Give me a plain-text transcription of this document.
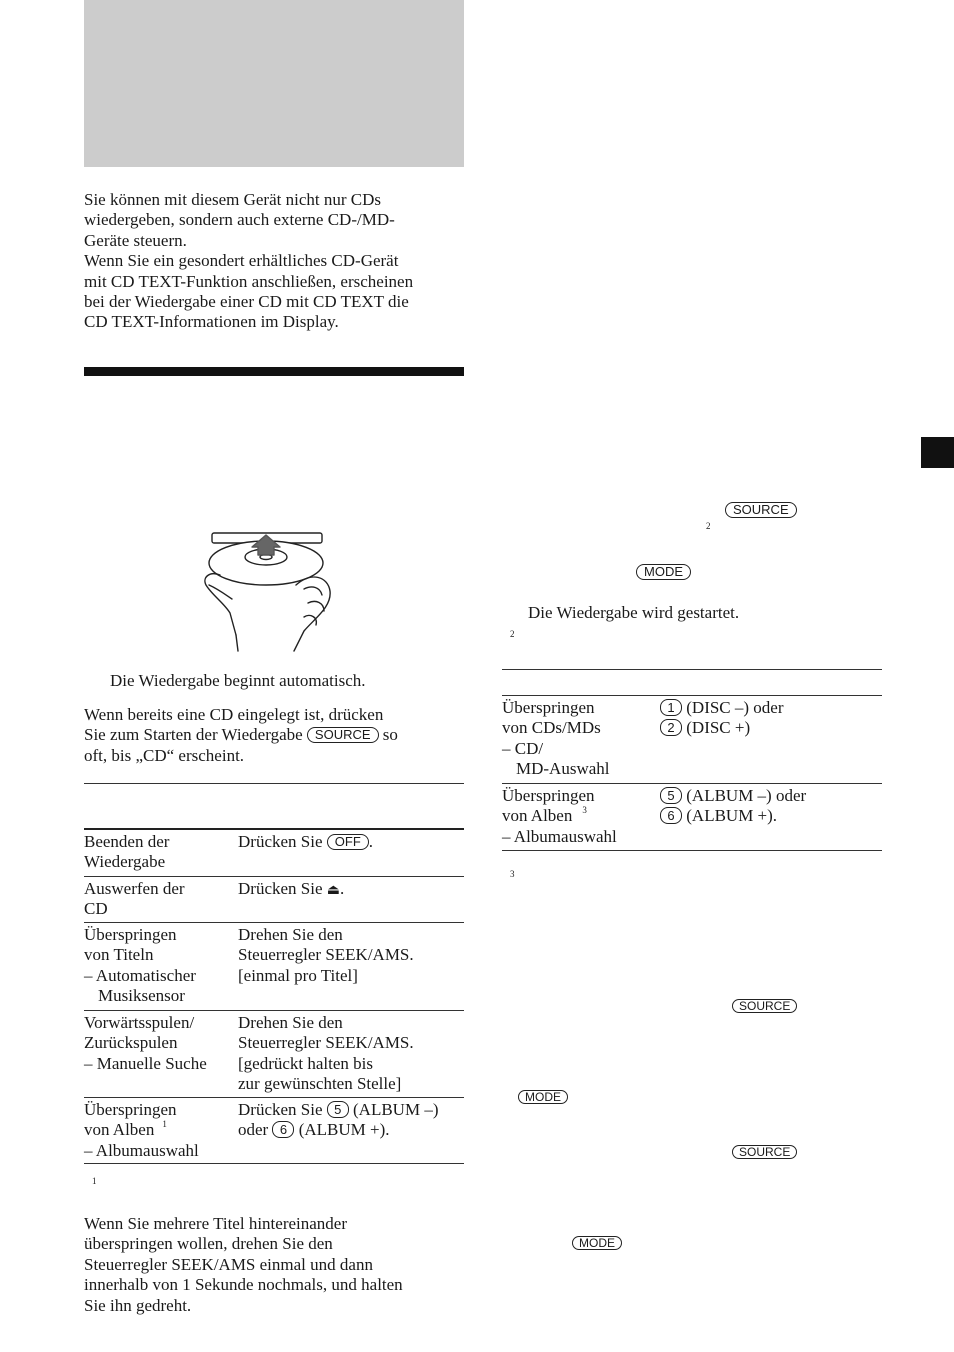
Sie können mit diesem Gerät nicht nur CDs
wiedergeben, sondern auch externe CD-/MD-
Geräte steuern.
Wenn Sie ein gesondert erhältliches CD-Gerät
mit CD TEXT-Funktion anschließen, erscheinen
bei der Wiedergabe einer CD mit CD TEXT die
CD TEXT-Informationen im Display.
Die Wiedergabe beginnt automatisch.
Wenn bereits eine CD eingelegt ist, drücken
Sie zum Starten der Wiedergabe SOURCE so
oft, bis „CD“ erscheint.
Beenden der
Wiedergabe
Drücken Sie OFF .
Auswerfen der
CD
Drücken Sie ⏏.
Überspringen
von Titeln
– Automatischer
Musiksensor
Drehen Sie den
Steuerregler SEEK/AMS.
[einmal pro Titel]
Vorwärtsspulen/
Zurückspulen
– Manuelle Suche
Drehen Sie den
Steuerregler SEEK/AMS.
[gedrückt halten bis
zur gewünschten Stelle]
Überspringen
von Alben $^1$
– Albumauswahl
Drücken Sie 5 (ALBUM –)
oder 6 (ALBUM +).
1
Wenn Sie mehrere Titel hintereinander
überspringen wollen, drehen Sie den
Steuerregler SEEK/AMS einmal und dann
innerhalb von 1 Sekunde nochmals, und halten
Sie ihn gedreht.
SOURCE
2
MODE
Die Wiedergabe wird gestartet.
2
Überspringen
von CDs/MDs
– CD/
MD-Auswahl
1 (DISC –) oder
2 (DISC +)
Überspringen
von Alben $^3$
– Albumauswahl
5 (ALBUM –) oder
6 (ALBUM +).
3
SOURCE
MODE
SOURCE
MODE
